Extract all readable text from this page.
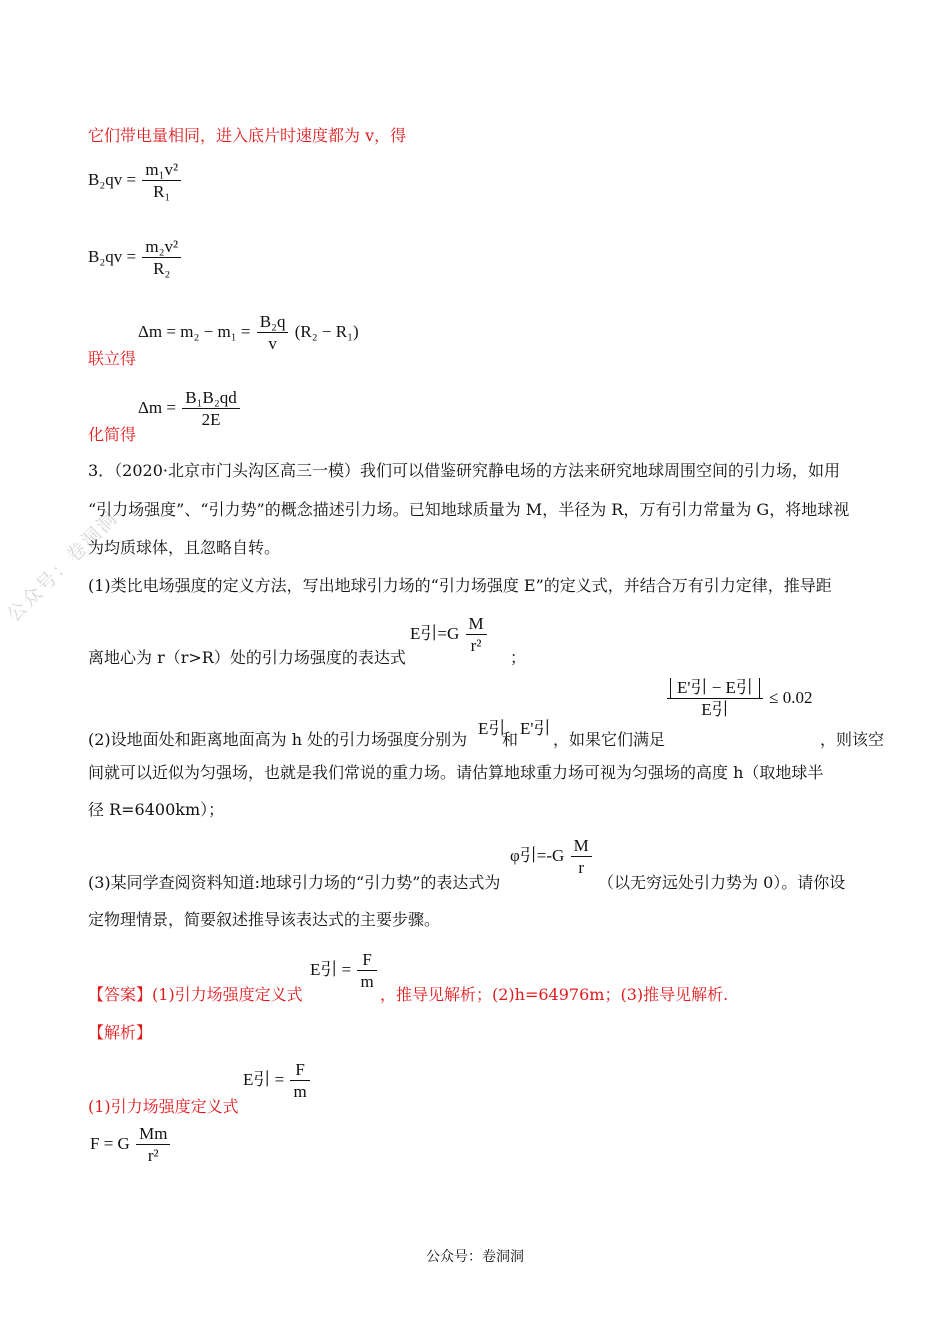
公众号：卷洞洞
它们带电量相同，进入底片时速度都为 v，得
$B_2qv = \frac{\text{m₁v²}}{\text{R₁}}$
$B_2qv = \frac{\text{m₂v²}}{\text{R₂}}$
$\Delta m = m_2 - m_1 = \frac{\text{B₂q}}{v} (R_2 - R_1)$
联立得
$\Delta m = \frac{\text{B₁B₂qd}}{2E}$
化简得
3．（2020·北京市门头沟区高三一模）我们可以借鉴研究静电场的方法来研究地球周围空间的引力场，如用
“引力场强度”、“引力势”的概念描述引力场。已知地球质量为 M，半径为 R，万有引力常量为 G，将地球视
为均质球体，且忽略自转。
(1)类比电场强度的定义方法，写出地球引力场的“引力场强度 E”的定义式，并结合万有引力定律，推导距
离地心为 r（r>R）处的引力场强度的表达式
E引$=G \frac{M}{\text{r²}}$
；
(2)设地面处和距离地面高为 h 处的引力场强度分别为
E引
和
E'引
，如果它们满足
$\frac{\text{E'引 − E引}}{\text{E引}} \le 0.02$
，则该空
间就可以近似为匀强场，也就是我们常说的重力场。请估算地球重力场可视为匀强场的高度 h（取地球半
径 R=6400km）；
(3)某同学查阅资料知道:地球引力场的“引力势”的表达式为
φ引$=-G \frac{M}{r}$
（以无穷远处引力势为 0）。请你设
定物理情景，简要叙述推导该表达式的主要步骤。
【答案】(1)引力场强度定义式
E引 = $\frac{F}{m}$
，推导见解析；(2)h=64976m；(3)推导见解析.
【解析】
(1)引力场强度定义式
E引 = $\frac{F}{m}$
F = G $\frac{Mm}{\text{r²}}$
公众号：卷洞洞
